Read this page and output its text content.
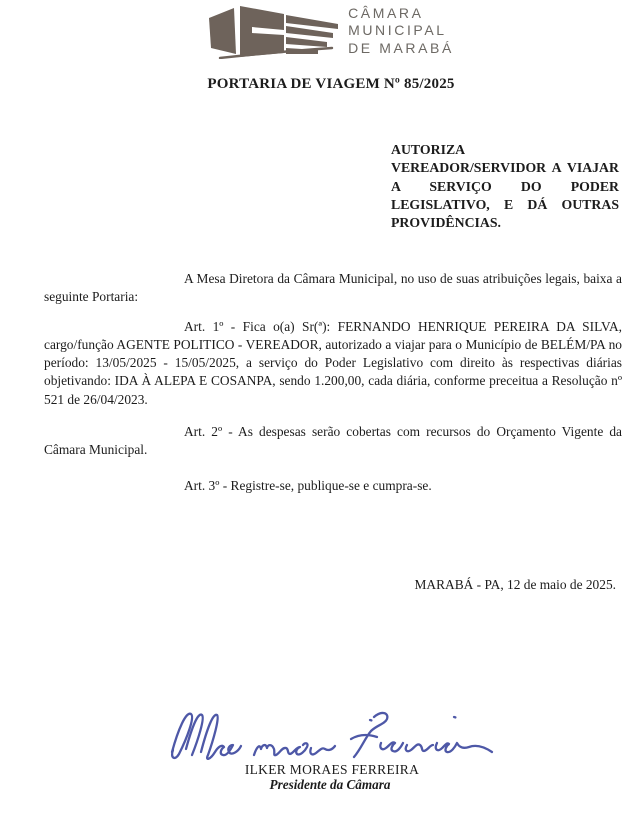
CÂMARA
MUNICIPAL
DE MARABÁ
PORTARIA DE VIAGEM Nº 85/2025
AUTORIZA VEREADOR/SERVIDOR A VIAJAR A SERVIÇO DO PODER LEGISLATIVO, E DÁ OUTRAS PROVIDÊNCIAS.

A Mesa Diretora da Câmara Municipal, no uso de suas atribuições legais, baixa a seguinte Portaria:

Art. 1º - Fica o(a) Sr(ª): FERNANDO HENRIQUE PEREIRA DA SILVA, cargo/função AGENTE POLITICO - VEREADOR, autorizado a viajar para o Município de BELÉM/PA no período: 13/05/2025 - 15/05/2025, a serviço do Poder Legislativo com direito às respectivas diárias objetivando: IDA À ALEPA E COSANPA, sendo 1.200,00, cada diária, conforme preceitua a Resolução nº 521 de 26/04/2023.

Art. 2º - As despesas serão cobertas com recursos do Orçamento Vigente da Câmara Municipal.

Art. 3º - Registre-se, publique-se e cumpra-se.

MARABÁ - PA, 12 de maio de 2025.
ILKER MORAES FERREIRA
Presidente da Câmara
